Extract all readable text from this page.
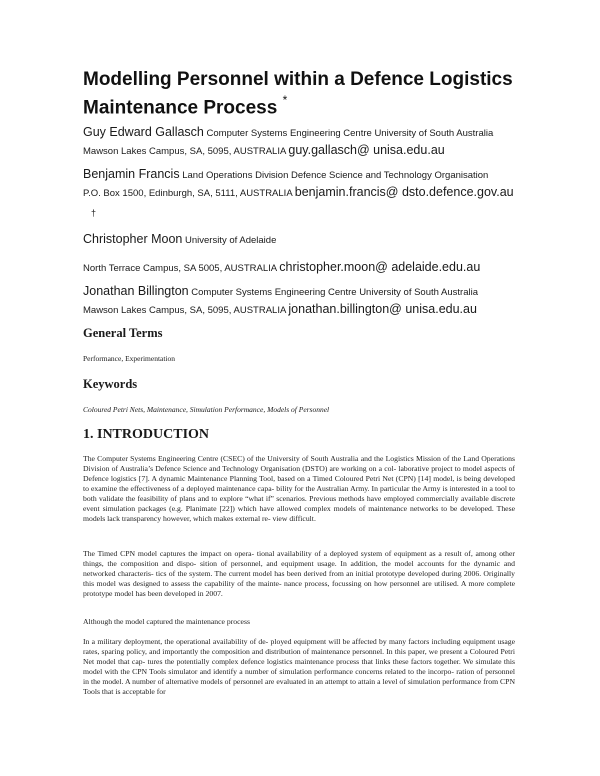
Modelling Personnel within a Defence Logistics
Maintenance Process *
Guy Edward Gallasch Computer Systems Engineering Centre University of South Australia
Mawson Lakes Campus, SA, 5095, AUSTRALIA guy.gallasch@ unisa.edu.au
Benjamin Francis Land Operations Division Defence Science and Technology Organisation
P.O. Box 1500, Edinburgh, SA, 5111, AUSTRALIA benjamin.francis@ dsto.defence.gov.au
†
Christopher Moon University of Adelaide
North Terrace Campus, SA 5005, AUSTRALIA christopher.moon@ adelaide.edu.au
Jonathan Billington Computer Systems Engineering Centre University of South Australia
Mawson Lakes Campus, SA, 5095, AUSTRALIA jonathan.billington@ unisa.edu.au
General Terms
Performance, Experimentation
Keywords
Coloured Petri Nets, Maintenance, Simulation Performance, Models of Personnel
1. INTRODUCTION
The Computer Systems Engineering Centre (CSEC) of the University of South Australia and the Logistics Mission of the Land Operations Division of Australia’s Defence Science and Technology Organisation (DSTO) are working on a col- laborative project to model aspects of Defence logistics [7]. A dynamic Maintenance Planning Tool, based on a Timed Coloured Petri Net (CPN) [14] model, is being developed to examine the effectiveness of a deployed maintenance capa- bility for the Australian Army. In particular the Army is interested in a tool to both validate the feasibility of plans and to explore “what if” scenarios. Previous methods have employed commercially available discrete event simulation packages (e.g. Planimate [22]) which have allowed complex models of maintenance networks to be developed. These models lack transparency however, which makes external re- view difficult.
The Timed CPN model captures the impact on opera- tional availability of a deployed system of equipment as a result of, among other things, the composition and dispo- sition of personnel, and equipment usage. In addition, the model accounts for the dynamic and networked characteris- tics of the system. The current model has been derived from an initial prototype developed during 2006. Originally this model was designed to assess the capability of the mainte- nance process, focussing on how personnel are utilised. A more complete prototype model has been developed in 2007.
Although the model captured the maintenance process
In a military deployment, the operational availability of de- ployed equipment will be affected by many factors including equipment usage rates, sparing policy, and importantly the composition and distribution of maintenance personnel. In this paper, we present a Coloured Petri Net model that cap- tures the potentially complex defence logistics maintenance process that links these factors together. We simulate this model with the CPN Tools simulator and identify a number of simulation performance concerns related to the incorpo- ration of personnel in the model. A number of alternative models of personnel are evaluated in an attempt to attain a level of simulation performance from CPN Tools that is acceptable for
